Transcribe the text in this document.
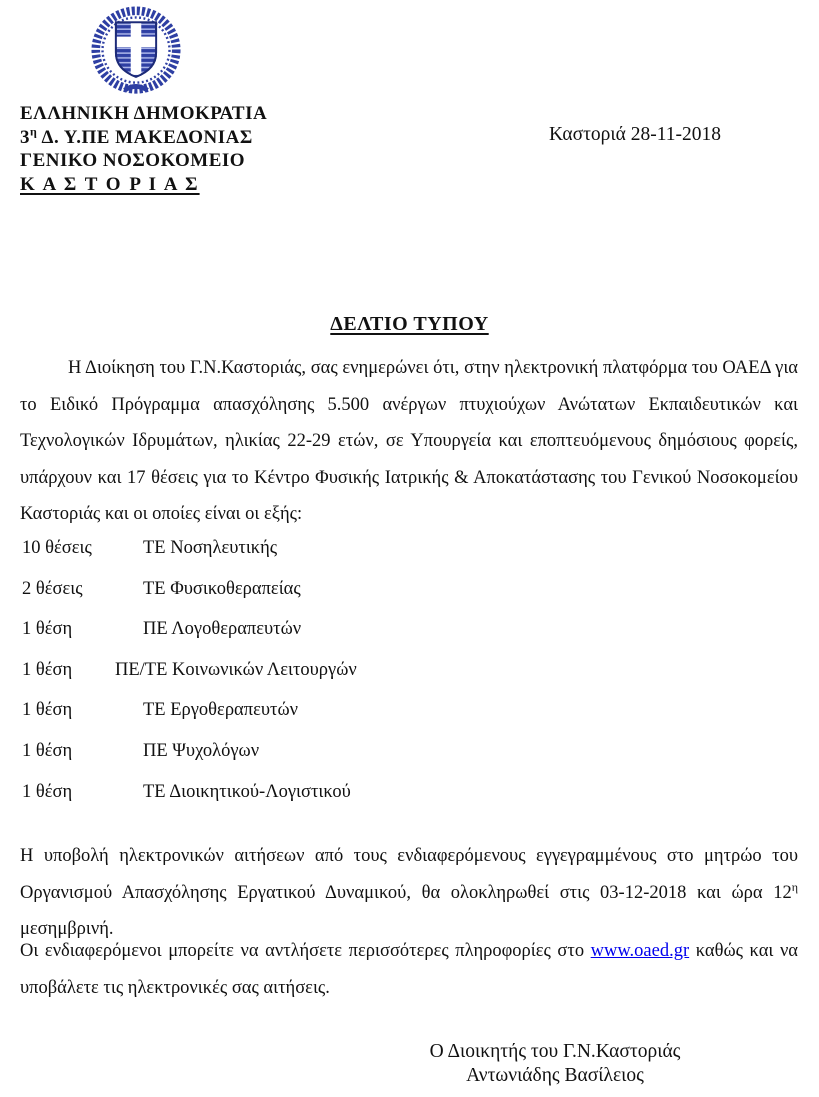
ΕΛΛΗΝΙΚΗ ΔΗΜΟΚΡΑΤΙΑ
$3^\eta$ Δ. Υ.ΠΕ ΜΑΚΕΔΟΝΙΑΣ
ΓΕΝΙΚΟ ΝΟΣΟΚΟΜΕΙΟ
Κ Α Σ Τ Ο Ρ Ι Α Σ
Καστοριά 28-11-2018
ΔΕΛΤΙΟ ΤΥΠΟΥ

Η Διοίκηση του Γ.Ν.Καστοριάς, σας ενημερώνει ότι, στην ηλεκτρονική πλατφόρμα του ΟΑΕΔ για το Ειδικό Πρόγραμμα απασχόλησης 5.500 ανέργων πτυχιούχων Ανώτατων Εκπαιδευτικών και Τεχνολογικών Ιδρυμάτων, ηλικίας 22-29 ετών, σε Υπουργεία και εποπτευόμενους δημόσιους φορείς, υπάρχουν και 17 θέσεις για το Κέντρο Φυσικής Ιατρικής & Αποκατάστασης του Γενικού Νοσοκομείου Καστοριάς και οι οποίες είναι οι εξής:

10 θέσεις	ΤΕ Νοσηλευτικής
2 θέσεις	ΤΕ Φυσικοθεραπείας
1 θέση	ΠΕ Λογοθεραπευτών
1 θέση ΠΕ/ΤΕ Κοινωνικών Λειτουργών
1 θέση	ΤΕ Εργοθεραπευτών
1 θέση	ΠΕ Ψυχολόγων
1 θέση	ΤΕ Διοικητικού-Λογιστικού

Η υποβολή ηλεκτρονικών αιτήσεων από τους ενδιαφερόμενους εγγεγραμμένους στο μητρώο του Οργανισμού Απασχόλησης Εργατικού Δυναμικού, θα ολοκληρωθεί στις 03-12-2018 και ώρα $12^\eta$ μεσημβρινή.

Οι ενδιαφερόμενοι μπορείτε να αντλήσετε περισσότερες πληροφορίες στο www.oaed.gr καθώς και να υποβάλετε τις ηλεκτρονικές σας αιτήσεις.

Ο Διοικητής του Γ.Ν.Καστοριάς
Αντωνιάδης Βασίλειος
